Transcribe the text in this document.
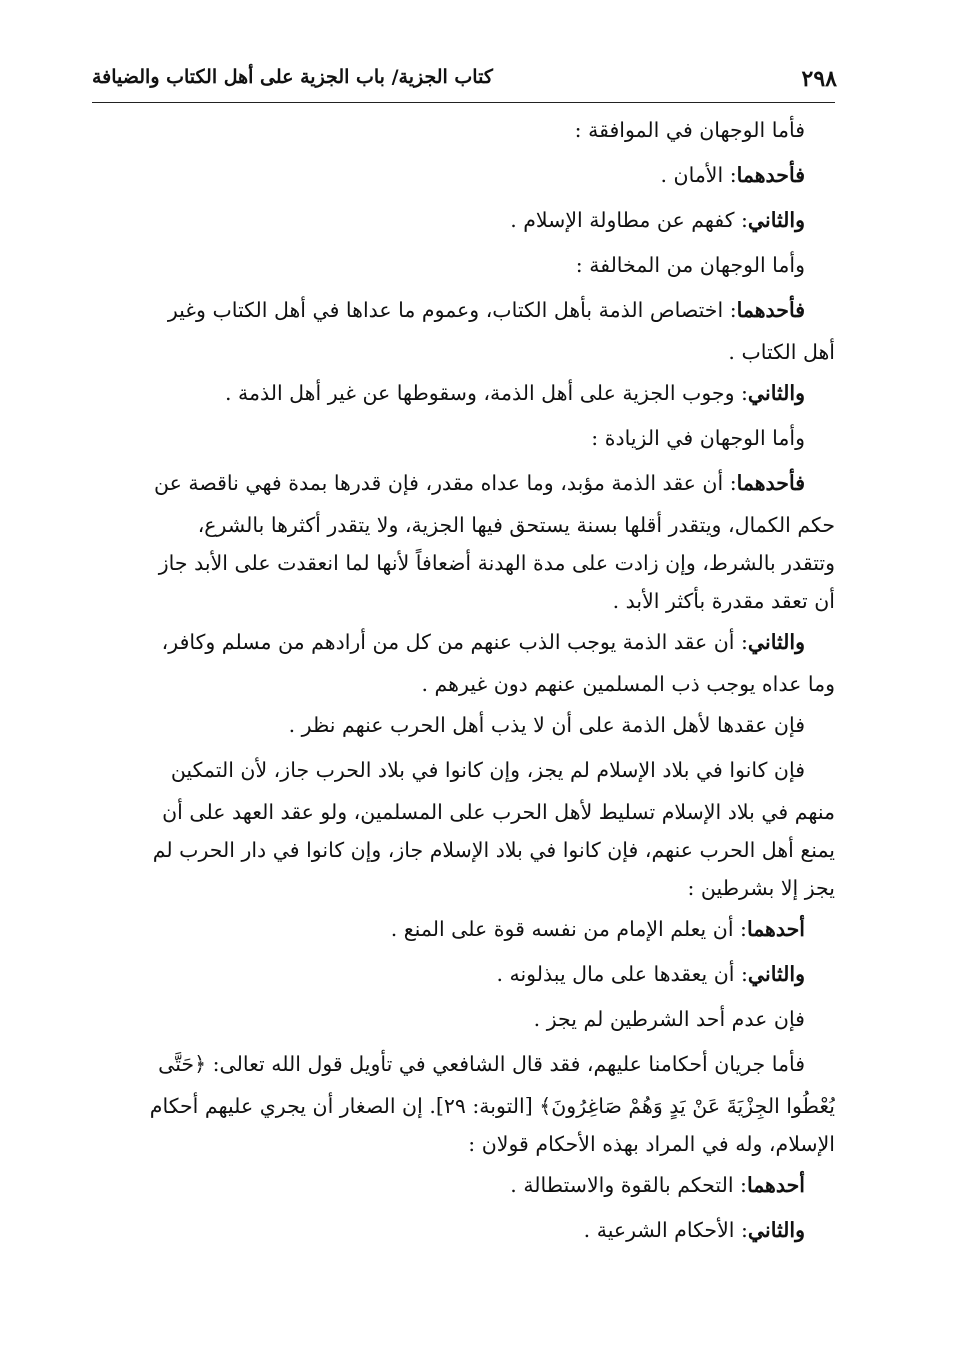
٢٩٨
كتاب الجزية/ باب الجزية على أهل الكتاب والضيافة

فأما الوجهان في الموافقة :

فأحدهما: الأمان .

والثاني: كفهم عن مطاولة الإسلام .

وأما الوجهان من المخالفة :

فأحدهما: اختصاص الذمة بأهل الكتاب، وعموم ما عداها في أهل الكتاب وغير

أهل الكتاب .

والثاني: وجوب الجزية على أهل الذمة، وسقوطها عن غير أهل الذمة .

وأما الوجهان في الزيادة :

فأحدهما: أن عقد الذمة مؤبد، وما عداه مقدر، فإن قدرها بمدة فهي ناقصة عن

حكم الكمال، ويتقدر أقلها بسنة يستحق فيها الجزية، ولا يتقدر أكثرها بالشرع،

وتتقدر بالشرط، وإن زادت على مدة الهدنة أضعافاً لأنها لما انعقدت على الأبد جاز

أن تعقد مقدرة بأكثر الأبد .

والثاني: أن عقد الذمة يوجب الذب عنهم من كل من أرادهم من مسلم وكافر،

وما عداه يوجب ذب المسلمين عنهم دون غيرهم .

فإن عقدها لأهل الذمة على أن لا يذب أهل الحرب عنهم نظر .

فإن كانوا في بلاد الإسلام لم يجز، وإن كانوا في بلاد الحرب جاز، لأن التمكين

منهم في بلاد الإسلام تسليط لأهل الحرب على المسلمين، ولو عقد العهد على أن

يمنع أهل الحرب عنهم، فإن كانوا في بلاد الإسلام جاز، وإن كانوا في دار الحرب لم

يجز إلا بشرطين :

أحدهما: أن يعلم الإمام من نفسه قوة على المنع .

والثاني: أن يعقدها على مال يبذلونه .

فإن عدم أحد الشرطين لم يجز .

فأما جريان أحكامنا عليهم، فقد قال الشافعي في تأويل قول الله تعالى: ﴿حَتَّى

يُعْطُوا الجِزْيَةَ عَنْ يَدٍ وَهُمْ صَاغِرُونَ﴾ [التوبة: ٢٩]. إن الصغار أن يجري عليهم أحكام

الإسلام، وله في المراد بهذه الأحكام قولان :

أحدهما: التحكم بالقوة والاستطالة .

والثاني: الأحكام الشرعية .
